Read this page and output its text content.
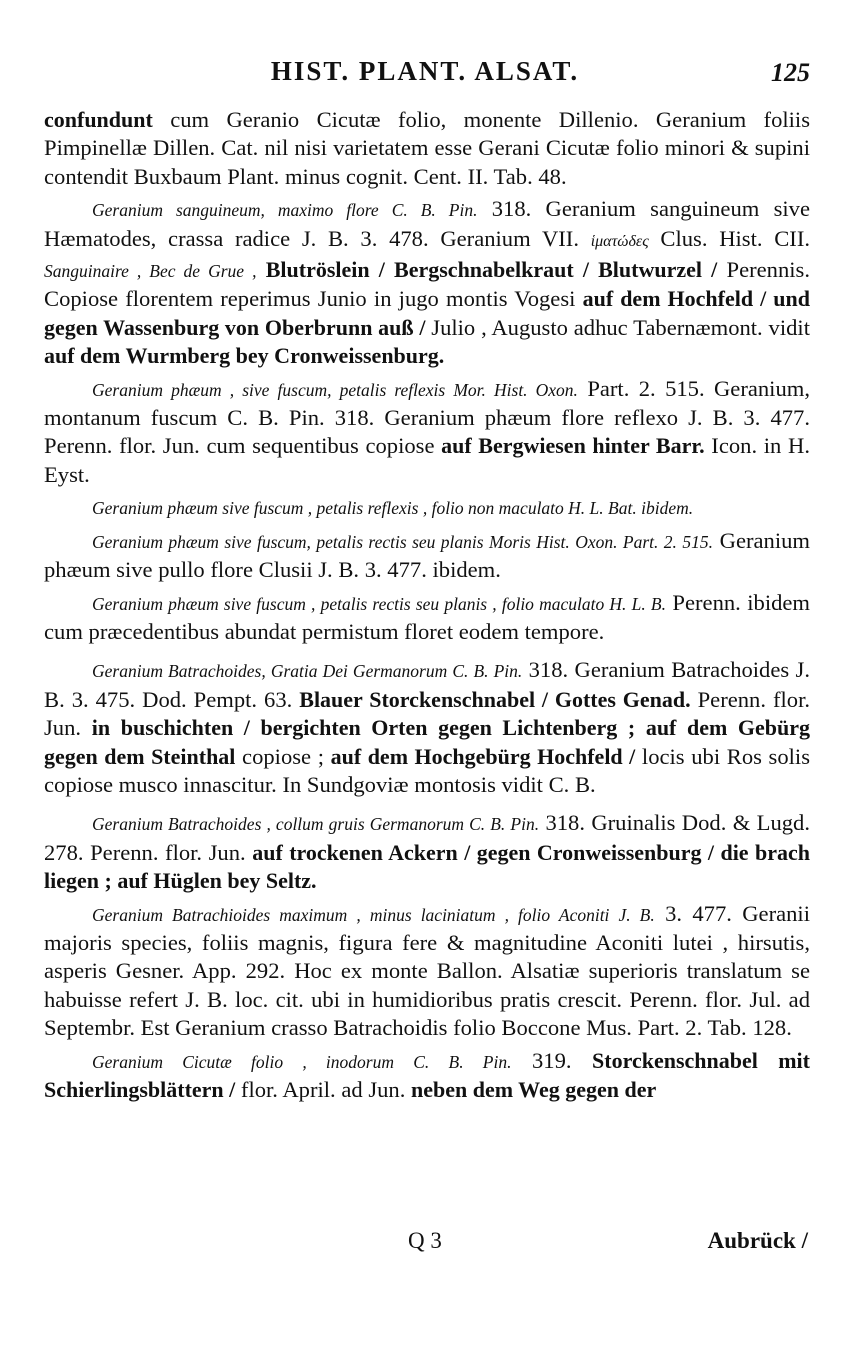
HIST. PLANT. ALSAT.	125

confundunt cum Geranio Cicutæ folio, monente Dillenio. Geranium foliis Pimpinellæ Dillen. Cat. nil nisi varietatem esse Gerani Cicutæ folio minori & supini contendit Buxbaum Plant. minus cognit. Cent. II. Tab. 48.

Geranium sanguineum, maximo flore C. B. Pin. 318. Geranium sanguineum sive Hæmatodes, crassa radice J. B. 3. 478. Geranium VII. ἱματώδες Clus. Hist. CII. Sanguinaire , Bec de Grue , Blutröslein / Bergschnabelkraut / Blutwurzel / Perennis. Copiose florentem reperimus Junio in jugo montis Vogesi auf dem Hochfeld / und gegen Wassenburg von Oberbrunn auß / Julio , Augusto adhuc Tabernæmont. vidit auf dem Wurmberg bey Cronweissenburg.

Geranium phæum , sive fuscum, petalis reflexis Mor. Hist. Oxon. Part. 2. 515. Geranium, montanum fuscum C. B. Pin. 318. Geranium phæum flore reflexo J. B. 3. 477. Perenn. flor. Jun. cum sequentibus copiose auf Bergwiesen hinter Barr. Icon. in H. Eyst.

Geranium phæum sive fuscum , petalis reflexis , folio non maculato H. L. Bat. ibidem.

Geranium phæum sive fuscum, petalis rectis seu planis Moris Hist. Oxon. Part. 2. 515. Geranium phæum sive pullo flore Clusii J. B. 3. 477. ibidem.

Geranium phæum sive fuscum , petalis rectis seu planis , folio maculato H. L. B. Perenn. ibidem cum præcedentibus abundat permistum floret eodem tempore.

Geranium Batrachoides, Gratia Dei Germanorum C. B. Pin. 318. Geranium Batrachoides J. B. 3. 475. Dod. Pempt. 63. Blauer Storckenschnabel / Gottes Genad. Perenn. flor. Jun. in buschichten / bergichten Orten gegen Lichtenberg ; auf dem Gebürg gegen dem Steinthal copiose ; auf dem Hochgebürg Hochfeld / locis ubi Ros solis copiose musco innascitur. In Sundgoviæ montosis vidit C. B.

Geranium Batrachoides , collum gruis Germanorum C. B. Pin. 318. Gruinalis Dod. & Lugd. 278. Perenn. flor. Jun. auf trockenen Ackern / gegen Cronweissenburg / die brach liegen ; auf Hüglen bey Seltz.

Geranium Batrachioides maximum , minus laciniatum , folio Aconiti J. B. 3. 477. Geranii majoris species, foliis magnis, figura fere & magnitudine Aconiti lutei , hirsutis, asperis Gesner. App. 292. Hoc ex monte Ballon. Alsatiæ superioris translatum se habuisse refert J. B. loc. cit. ubi in humidioribus pratis crescit. Perenn. flor. Jul. ad Septembr. Est Geranium crasso Batrachoidis folio Boccone Mus. Part. 2. Tab. 128.

Geranium Cicutæ folio , inodorum C. B. Pin. 319. Storckenschnabel mit Schierlingsblättern / flor. April. ad Jun. neben dem Weg gegen der

Q 3	Aubrück /
